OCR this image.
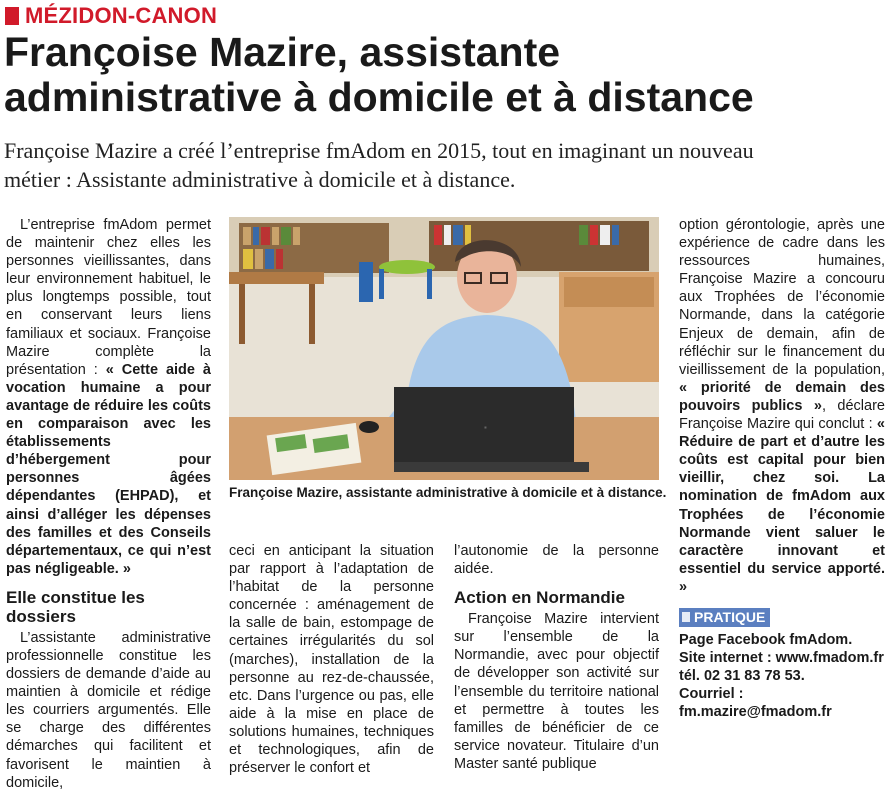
MÉZIDON-CANON
Françoise Mazire, assistante
administrative à domicile et à distance
Françoise Mazire a créé l’entreprise fmAdom en 2015, tout en imaginant un nouveau
métier : Assistante administrative à domicile et à distance.

L’entreprise fmAdom permet de maintenir chez elles les personnes vieillissantes, dans leur environnement habituel, le plus longtemps possible, tout en conservant leurs liens familiaux et sociaux. Françoise Mazire complète la présentation : « Cette aide à vocation humaine a pour avantage de réduire les coûts en comparaison avec les établissements d’hébergement pour personnes âgées dépendantes (EHPAD), et ainsi d’alléger les dépenses des familles et des Conseils départementaux, ce qui n’est pas négligeable. »

Elle constitue les dossiers

L’assistante administrative professionnelle constitue les dossiers de demande d’aide au maintien à domicile et rédige les courriers argumentés. Elle se charge des différentes démarches qui facilitent et favorisent le maintien à domicile,

▪
Françoise Mazire, assistante administrative à domicile et à distance.

ceci en anticipant la situation par rapport à l’adaptation de l’habitat de la personne concernée : aménagement de la salle de bain, estompage de certaines irrégularités du sol (marches), installation de la personne au rez-de-chaussée, etc. Dans l’urgence ou pas, elle aide à la mise en place de solutions humaines, techniques et technologiques, afin de préserver le confort et

l’autonomie de la personne aidée.

Action en Normandie

Françoise Mazire intervient sur l’ensemble de la Normandie, avec pour objectif de développer son activité sur l’ensemble du territoire national et permettre à toutes les familles de bénéficier de ce service novateur. Titulaire d’un Master santé publique

option gérontologie, après une expérience de cadre dans les ressources humaines, Françoise Mazire a concouru aux Trophées de l’économie Normande, dans la catégorie Enjeux de demain, afin de réfléchir sur le financement du vieillissement de la population, « priorité de demain des pouvoirs publics », déclare Françoise Mazire qui conclut : « Réduire de part et d’autre les coûts est capital pour bien vieillir, chez soi. La nomination de fmAdom aux Trophées de l’économie Normande vient saluer le caractère innovant et essentiel du service apporté. »

PRATIQUE
Page Facebook fmAdom.
Site internet : www.fmadom.fr tél. 02 31 83 78 53.
Courriel : fm.mazire@fmadom.fr
